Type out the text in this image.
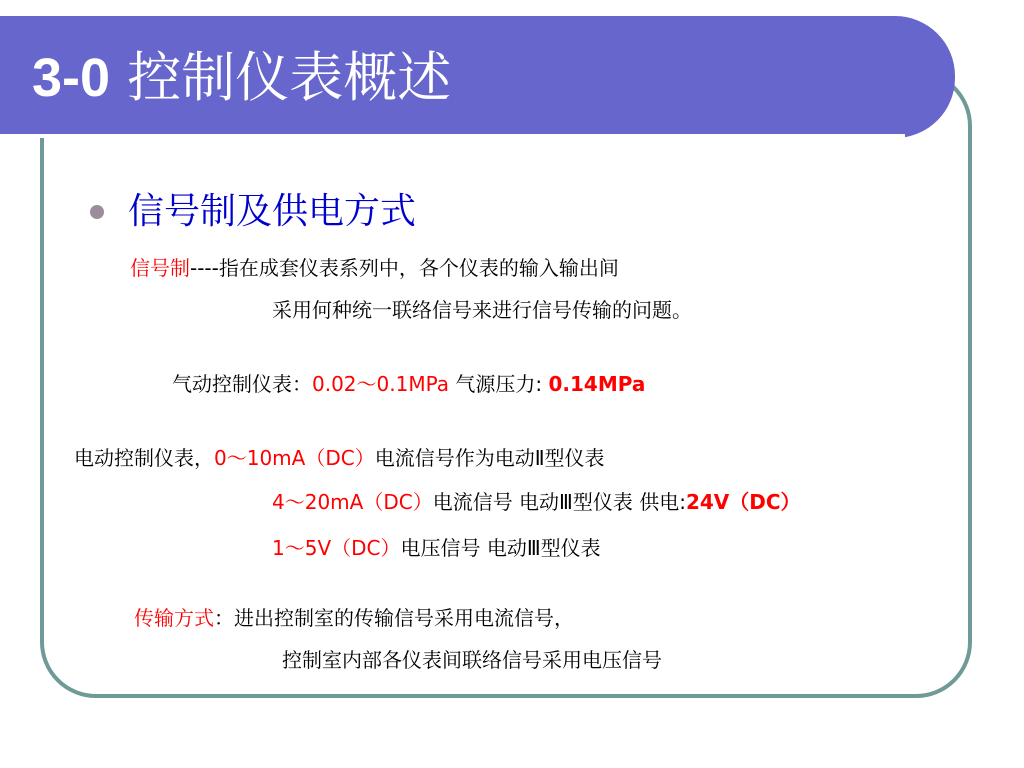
3-0 控制仪表概述
信号制及供电方式
信号制----指在成套仪表系列中，各个仪表的输入输出间
采用何种统一联络信号来进行信号传输的问题。
气动控制仪表：0.02～0.1MPa 气源压力: 0.14MPa
电动控制仪表，0～10mA（DC）电流信号作为电动Ⅱ型仪表
4～20mA（DC）电流信号 电动Ⅲ型仪表 供电:24V（DC）
1～5V（DC）电压信号 电动Ⅲ型仪表
传输方式：进出控制室的传输信号采用电流信号，
控制室内部各仪表间联络信号采用电压信号
